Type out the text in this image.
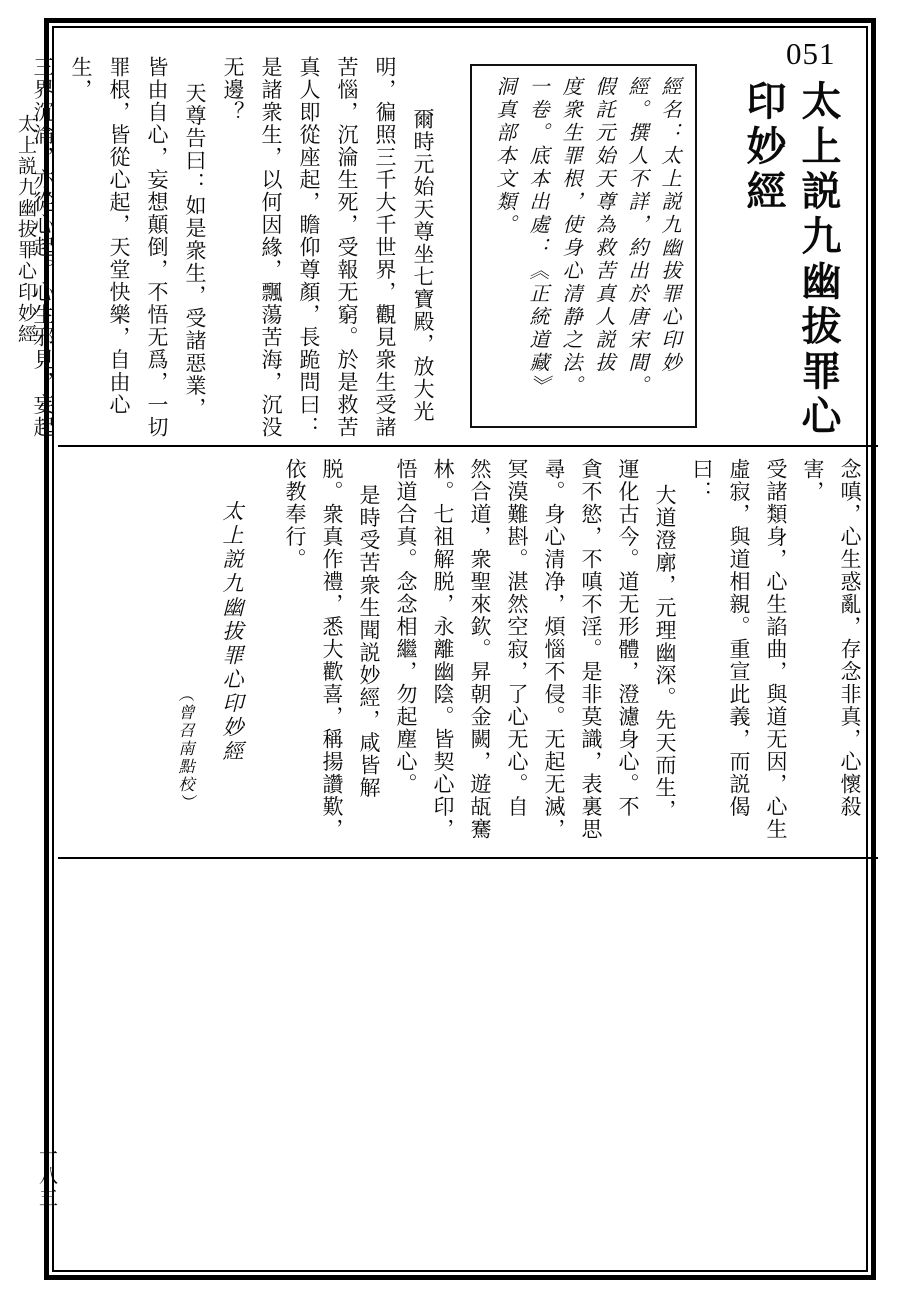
太上説九幽拔罪心印妙經
一八五
051
太上説九幽拔罪心
印妙經
經名：太上説九幽拔罪心印妙
經。撰人不詳，約出於唐宋間。
假託元始天尊為救苦真人説拔
度衆生罪根，使身心清静之法。
一卷。底本出處：《正統道藏》
洞真部本文類。
爾時元始天尊坐七寶殿，放大光
明，徧照三千大千世界，觀見衆生受諸
苦惱，沉淪生死，受報无窮。於是救苦
真人即從座起，瞻仰尊顏，長跪問曰：
是諸衆生，以何因緣，飄蕩苦海，沉没
无邊？
天尊告曰：如是衆生，受諸惡業，
皆由自心，妄想顛倒，不悟无爲，一切
罪根，皆從心起，天堂快樂，自由心生，
三界沉淪，亦從心起。心生邪見，妄起
念嗔，心生惑亂，存念非真，心懷殺害，
受諸類身，心生諂曲，與道无因，心生
虛寂，與道相親。重宣此義，而説偈
曰：
大道澄廓，元理幽深。先天而生，
運化古今。道无形體，澄濾身心。不
貪不慾，不嗔不淫。是非莫識，表裏思
尋。身心清净，煩惱不侵。无起无滅，
冥漠難斟。湛然空寂，了心无心。自
然合道，衆聖來欽。昇朝金闕，遊瓳騫
林。七祖解脱，永離幽陰。皆契心印，
悟道合真。念念相繼，勿起塵心。
是時受苦衆生聞説妙經，咸皆解
脱。衆真作禮，悉大歡喜，稱揚讚歎，
依教奉行。
太上説九幽拔罪心印妙經
︵曾召南點校︶
